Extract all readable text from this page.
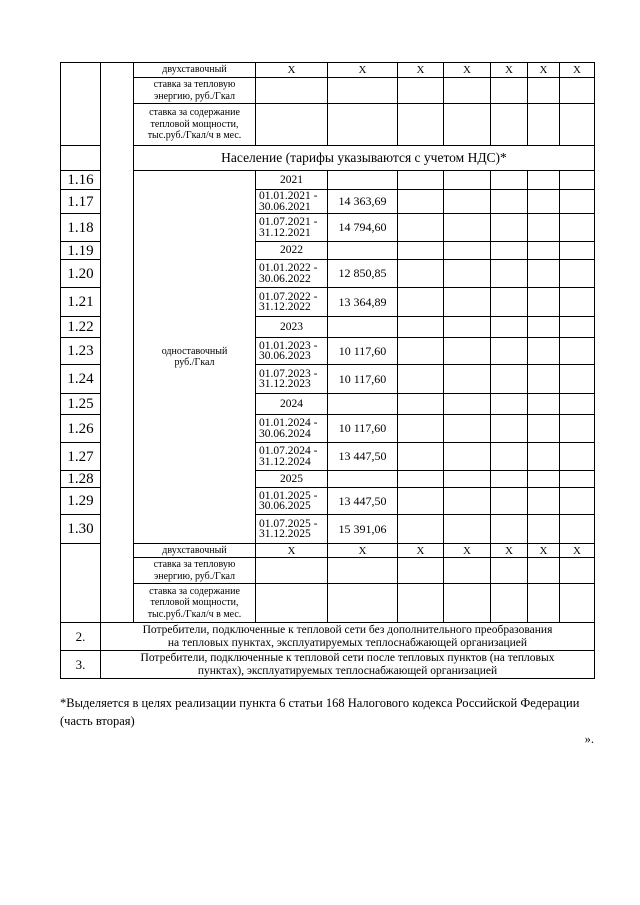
		двухставочный	X	X	X	X	X	X	X

		ставка за тепловую
энергию, руб./Гкал							

		ставка за содержание
тепловой мощности,
тыс.руб./Гкал/ч в мес.							

		Население (тарифы указываются с учетом НДС)*							
1.16		одноставочный
руб./Гкал	2021						
1.17			01.01.2021 -
30.06.2021	14 363,69					
1.18			01.07.2021 -
31.12.2021	14 794,60					
1.19			2022						
1.20			01.01.2022 -
30.06.2022	12 850,85					
1.21			01.07.2022 -
31.12.2022	13 364,89					
1.22			2023						
1.23			01.01.2023 -
30.06.2023	10 117,60					
1.24			01.07.2023 -
31.12.2023	10 117,60					
1.25			2024						
1.26			01.01.2024 -
30.06.2024	10 117,60					
1.27			01.07.2024 -
31.12.2024	13 447,50					
1.28			2025						
1.29			01.01.2025 -
30.06.2025	13 447,50					
1.30			01.07.2025 -
31.12.2025	15 391,06					
		двухставочный	X	X	X	X	X	X	X

		ставка за тепловую
энергию, руб./Гкал							

		ставка за содержание
тепловой мощности,
тыс.руб./Гкал/ч в мес.							

2.	Потребители, подключенные к тепловой сети без дополнительного преобразования
на тепловых пунктах, эксплуатируемых теплоснабжающей организацией								

3.	Потребители, подключенные к тепловой сети после тепловых пунктов (на тепловых
пунктах), эксплуатируемых теплоснабжающей организацией								
*Выделяется в целях реализации пункта 6 статьи 168 Налогового кодекса Российской Федерации
(часть вторая)
».
